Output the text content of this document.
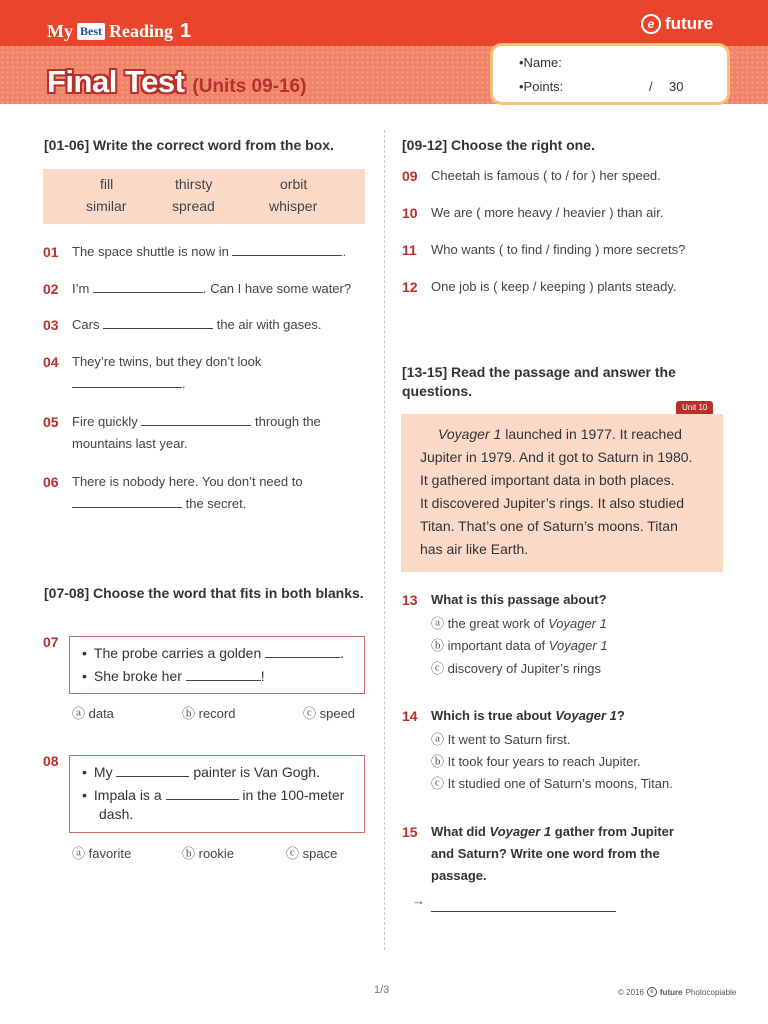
My Best Reading 1	e future
Final Test (Units 09-16)
•Name:
•Points:	/ 30
[01-06] Write the correct word from the box.
fill	thirsty	orbit
similar	spread	whisper
01 The space shuttle is now in	.
02 I’m	. Can I have some water?
03 Cars	the air with gases.
04 They’re twins, but they don’t look
.
05 Fire quickly	through the
mountains last year.
06 There is nobody here. You don’t need to
the secret.
[07-08] Choose the word that fits in both blanks.
07
• The probe carries a golden	.
• She broke her	!
ⓐ data	ⓑ record	ⓒ speed
08
• My	painter is Van Gogh.
• Impala is a	in the 100-meter
dash.
ⓐ favorite	ⓑ rookie	ⓒ space
[09-12] Choose the right one.
09 Cheetah is famous ( to / for ) her speed.
10 We are ( more heavy / heavier ) than air.
11 Who wants ( to find / finding ) more secrets?
12 One job is ( keep / keeping ) plants steady.
[13-15] Read the passage and answer the questions.
Unit 10
Voyager 1 launched in 1977. It reached
Jupiter in 1979. And it got to Saturn in 1980.
It gathered important data in both places.
It discovered Jupiter’s rings. It also studied
Titan. That’s one of Saturn’s moons. Titan
has air like Earth.
13 What is this passage about?
ⓐ the great work of Voyager 1
ⓑ important data of Voyager 1
ⓒ discovery of Jupiter’s rings
14 Which is true about Voyager 1?
ⓐ It went to Saturn first.
ⓑ It took four years to reach Jupiter.
ⓒ It studied one of Saturn’s moons, Titan.
15 What did Voyager 1 gather from Jupiter
and Saturn? Write one word from the
passage.
→
1/3	© 2016	e future Photocopiable
